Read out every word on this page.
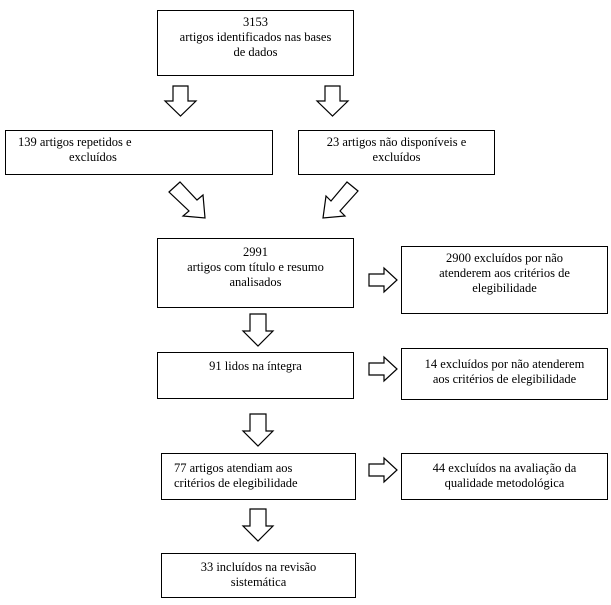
3153
artigos identificados nas bases
de dados
139 artigos repetidos e
excluídos
23 artigos não disponíveis e
excluídos
2991
artigos com título e resumo
analisados
2900 excluídos por não
atenderem aos critérios de
elegibilidade
91 lidos na íntegra	14 excluídos por não atenderem
aos critérios de elegibilidade
77 artigos atendiam aos
critérios de elegibilidade
44 excluídos na avaliação da
qualidade metodológica
33 incluídos na revisão
sistemática
